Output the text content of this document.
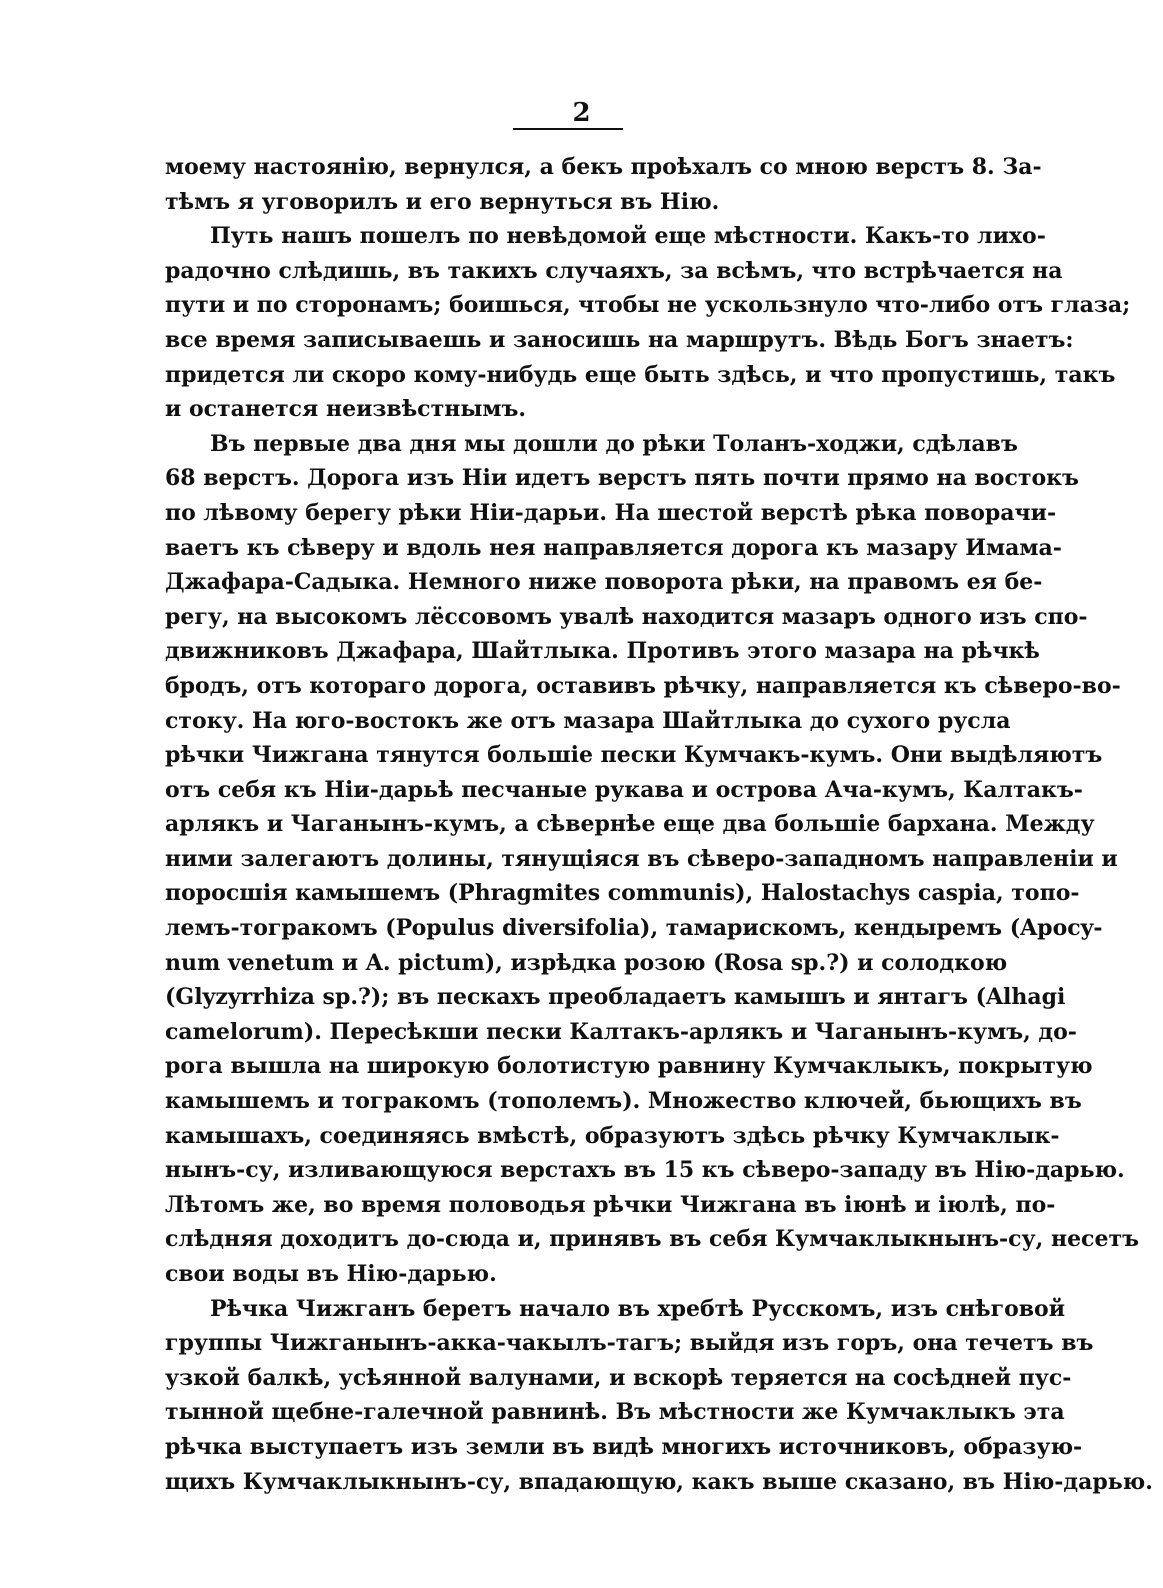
2
моему настоянію, вернулся, а бекъ проѣхалъ со мною верстъ 8. За-
тѣмъ я уговорилъ и его вернуться въ Нію.
Путь нашъ пошелъ по невѣдомой еще мѣстности. Какъ-то лихо-
радочно слѣдишь, въ такихъ случаяхъ, за всѣмъ, что встрѣчается на
пути и по сторонамъ; боишься, чтобы не ускользнуло что-либо отъ глаза;
все время записываешь и заносишь на маршрутъ. Вѣдь Богъ знаетъ:
придется ли скоро кому-нибудь еще быть здѣсь, и что пропустишь, такъ
и останется неизвѣстнымъ.
Въ первые два дня мы дошли до рѣки Толанъ-ходжи, сдѣлавъ
68 верстъ. Дорога изъ Ніи идетъ верстъ пять почти прямо на востокъ
по лѣвому берегу рѣки Ніи-дарьи. На шестой верстѣ рѣка поворачи-
ваетъ къ сѣверу и вдоль нея направляется дорога къ мазару Имама-
Джафара-Садыка. Немного ниже поворота рѣки, на правомъ ея бе-
регу, на высокомъ лёссовомъ увалѣ находится мазаръ одного изъ спо-
движниковъ Джафара, Шайтлыка. Противъ этого мазара на рѣчкѣ
бродъ, отъ котораго дорога, оставивъ рѣчку, направляется къ сѣверо-во-
стоку. На юго-востокъ же отъ мазара Шайтлыка до сухого русла
рѣчки Чижгана тянутся большіе пески Кумчакъ-кумъ. Они выдѣляютъ
отъ себя къ Ніи-дарьѣ песчаные рукава и острова Ача-кумъ, Калтакъ-
арлякъ и Чаганынъ-кумъ, а сѣвернѣе еще два большіе бархана. Между
ними залегаютъ долины, тянущіяся въ сѣверо-западномъ направленіи и
поросшія камышемъ (Phragmites communis), Halostachys caspia, топо-
лемъ-тогракомъ (Populus diversifolia), тамарискомъ, кендыремъ (Apocy-
num venetum и A. pictum), изрѣдка розою (Rosa sp.?) и солодкою
(Glyzyrrhiza sp.?); въ пескахъ преобладаетъ камышъ и янтагъ (Alhagi
camelorum). Пересѣкши пески Калтакъ-арлякъ и Чаганынъ-кумъ, до-
рога вышла на широкую болотистую равнину Кумчаклыкъ, покрытую
камышемъ и тогракомъ (тополемъ). Множество ключей, бьющихъ въ
камышахъ, соединяясь вмѣстѣ, образуютъ здѣсь рѣчку Кумчаклык-
нынъ-су, изливающуюся верстахъ въ 15 къ сѣверо-западу въ Нію-дарью.
Лѣтомъ же, во время половодья рѣчки Чижгана въ іюнѣ и іюлѣ, по-
слѣдняя доходитъ до-сюда и, принявъ въ себя Кумчаклыкнынъ-су, несетъ
свои воды въ Нію-дарью.
Рѣчка Чижганъ беретъ начало въ хребтѣ Русскомъ, изъ снѣговой
группы Чижганынъ-акка-чакылъ-тагъ; выйдя изъ горъ, она течетъ въ
узкой балкѣ, усѣянной валунами, и вскорѣ теряется на сосѣдней пус-
тынной щебне-галечной равнинѣ. Въ мѣстности же Кумчаклыкъ эта
рѣчка выступаетъ изъ земли въ видѣ многихъ источниковъ, образую-
щихъ Кумчаклыкнынъ-су, впадающую, какъ выше сказано, въ Нію-дарью.
